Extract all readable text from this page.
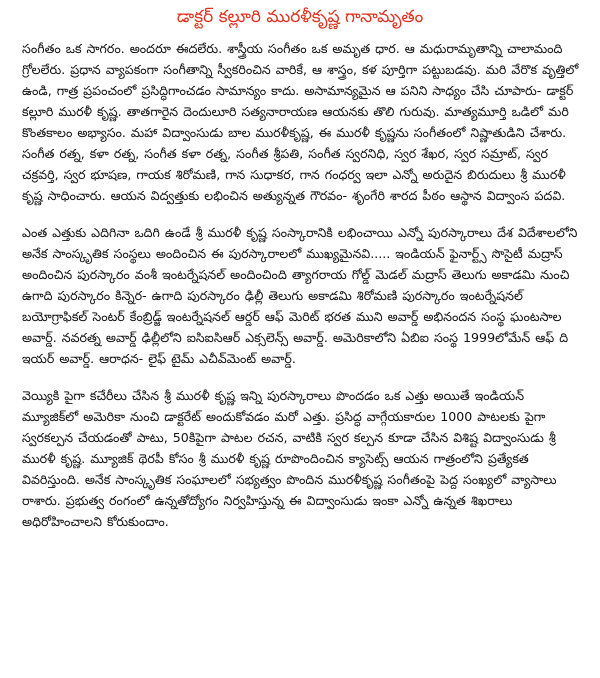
డాక్టర్ కల్లూరి మురళీకృష్ణ గానామృతం

సంగీతం ఒక సాగరం. అందరూ ఈదలేరు. శాస్త్రీయ సంగీతం ఒక అమృత ధార. ఆ మధురామృతాన్ని చాలామంది గ్రోలలేరు. ప్రధాన వ్యాపకంగా సంగీతాన్ని స్వీకరించిన వారికే, ఆ శాస్త్రం, కళ పూర్తిగా పట్టుబడవు. మరి వేరొక వృత్తిలో ఉండి, గాత్ర ప్రపంచంలో ప్రసిద్ధిగాంచడం సామాన్యం కాదు. అసామాన్యమైన ఆ పనిని సాధ్యం చేసి చూపారు- డాక్టర్ కల్లూరి మురళీ కృష్ణ. తాతగారైన దెందులూరి సత్యనారాయణ ఆయనకు తొలి గురువు. మాత్యమూర్తి ఒడిలో మరి కొంతకాలం అభ్యాసం. మహా విద్వాంసుడు బాల మురళీకృష్ణ, ఈ మురళీ కృష్ణను సంగీతంలో నిష్ణాతుడిని చేశారు. సంగీత రత్న, కళా రత్న, సంగీత కళా రత్న, సంగీత శ్రీపతి, సంగీత స్వరనిధి, స్వర శేఖర, స్వర సమ్రాట్, స్వర చక్రవర్తి, స్వర భూషణ, గాయక శిరోమణి, గాన సుధాకర, గాన గంధర్వ ఇలా ఎన్నో అరుదైన బిరుదులు శ్రీ మురళీ కృష్ణ సాధించారు. ఆయన విద్వత్తుకు లభించిన అత్యున్నత గౌరవం- శృంగేరి శారద పీఠం ఆస్థాన విద్వాంస పదవి.

ఎంత ఎత్తుకు ఎదిగినా ఒదిగి ఉండే శ్రీ మురళీ కృష్ణ సంస్కారానికి లభించాయి ఎన్నో పురస్కారాలు దేశ విదేశాలలోని అనేక సాంస్కృతిక సంస్థలు అందించిన ఈ పురస్కారాలలో ముఖ్యమైనవి..... ఇండియన్ ఫైనార్ట్స్ సొసైటీ మద్రాస్ అందించిన పురస్కారం వంశీ ఇంటర్నేషనల్ అందించింది త్యాగరాయ గోల్డ్ మెడల్ మద్రాస్ తెలుగు అకాడమి నుంచి ఉగాది పురస్కారం కిన్నెర- ఉగాది పురస్కారం ఢిల్లీ తెలుగు అకాడమి శిరోమణి పురస్కారం ఇంటర్నేషనల్ బయోగ్రాఫికల్ సెంటర్ కేంబ్రిడ్జ్ ఇంటర్నేషనల్ ఆర్డర్ ఆఫ్ మెరిట్ భరత ముని అవార్డ్ అభినందన సంస్థ ఘంటసాల అవార్డ్. నవరత్న అవార్డ్ ఢిల్లీలోని ఐసిఐసిఆర్ ఎక్సలెన్స్ అవార్డ్. అమెరికాలోని ఏబిఐ సంస్థ 1999లోమేన్ ఆఫ్ ది ఇయర్ అవార్డ్. ఆరాధన- లైఫ్ టైమ్ ఎచీవ్‌మెంట్ అవార్డ్.

వెయ్యికి పైగా కచేరీలు చేసిన శ్రీ మురళీ కృష్ణ ఇన్ని పురస్కారాలు పొందడం ఒక ఎత్తు అయితే ఇండియన్ మ్యూజిక్‌లో అమెరికా నుంచి డాక్టరేట్ అందుకోవడం మరో ఎత్తు. ప్రసిద్ధ వాగ్గేయకారుల 1000 పాటలకు పైగా స్వరకల్పన చేయడంతో పాటు, 50కిపైగా పాటల రచన, వాటికి స్వర కల్పన కూడా చేసిన విశిష్ట విద్వాంసుడు శ్రీ మురళీ కృష్ణ. మ్యూజిక్ థెరపీ కోసం శ్రీ మురళీ కృష్ణ రూపొందించిన క్యాసెట్స్ ఆయన గాత్రంలోని ప్రత్యేకత వివరిస్తుంది. అనేక సాంస్కృతిక సంఘాలలో సభ్యత్వం పొందిన మురళీకృష్ణ సంగీతంపై పెద్ద సంఖ్యలో వ్యాసాలు రాశారు. ప్రభుత్వ రంగంలో ఉన్నతోద్యోగం నిర్వహిస్తున్న ఈ విద్వాంసుడు ఇంకా ఎన్నో ఉన్నత శిఖరాలు అధిరోహించాలని కోరుకుందాం.
